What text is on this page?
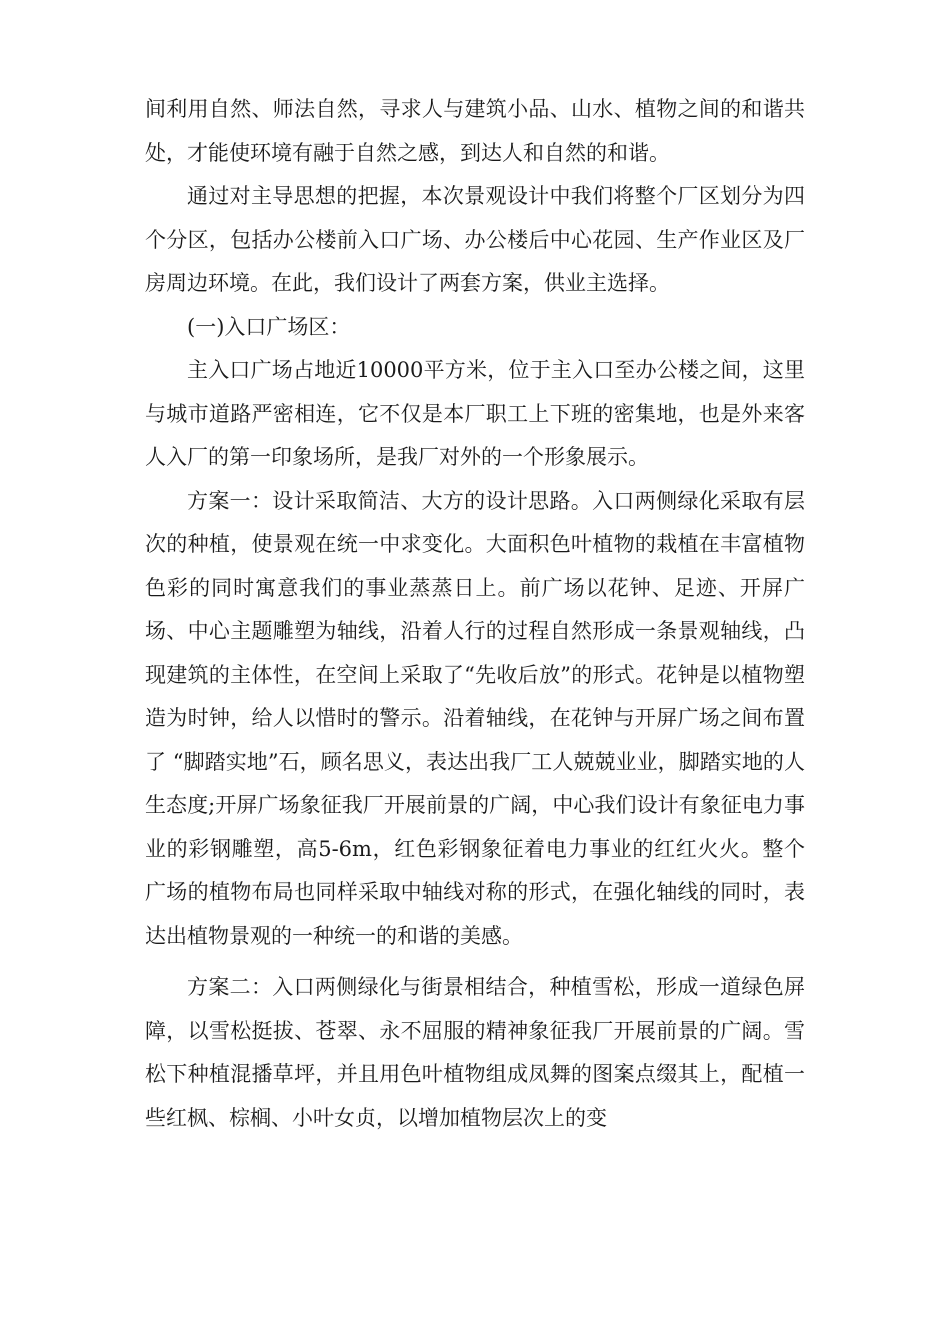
间利用自然、师法自然，寻求人与建筑小品、山水、植物之间的和谐共处，才能使环境有融于自然之感，到达人和自然的和谐。

通过对主导思想的把握，本次景观设计中我们将整个厂区划分为四个分区，包括办公楼前入口广场、办公楼后中心花园、生产作业区及厂房周边环境。在此，我们设计了两套方案，供业主选择。

(一)入口广场区：

主入口广场占地近10000平方米，位于主入口至办公楼之间，这里与城市道路严密相连，它不仅是本厂职工上下班的密集地，也是外来客人入厂的第一印象场所，是我厂对外的一个形象展示。

方案一：设计采取简洁、大方的设计思路。入口两侧绿化采取有层次的种植，使景观在统一中求变化。大面积色叶植物的栽植在丰富植物色彩的同时寓意我们的事业蒸蒸日上。前广场以花钟、足迹、开屏广场、中心主题雕塑为轴线，沿着人行的过程自然形成一条景观轴线，凸现建筑的主体性，在空间上采取了“先收后放”的形式。花钟是以植物塑造为时钟，给人以惜时的警示。沿着轴线，在花钟与开屏广场之间布置了 “脚踏实地”石，顾名思义，表达出我厂工人兢兢业业，脚踏实地的人生态度;开屏广场象征我厂开展前景的广阔，中心我们设计有象征电力事业的彩钢雕塑，高5-6m，红色彩钢象征着电力事业的红红火火。整个广场的植物布局也同样采取中轴线对称的形式，在强化轴线的同时，表达出植物景观的一种统一的和谐的美感。

方案二：入口两侧绿化与街景相结合，种植雪松，形成一道绿色屏障，以雪松挺拔、苍翠、永不屈服的精神象征我厂开展前景的广阔。雪松下种植混播草坪，并且用色叶植物组成凤舞的图案点缀其上，配植一些红枫、棕榈、小叶女贞，以增加植物层次上的变
